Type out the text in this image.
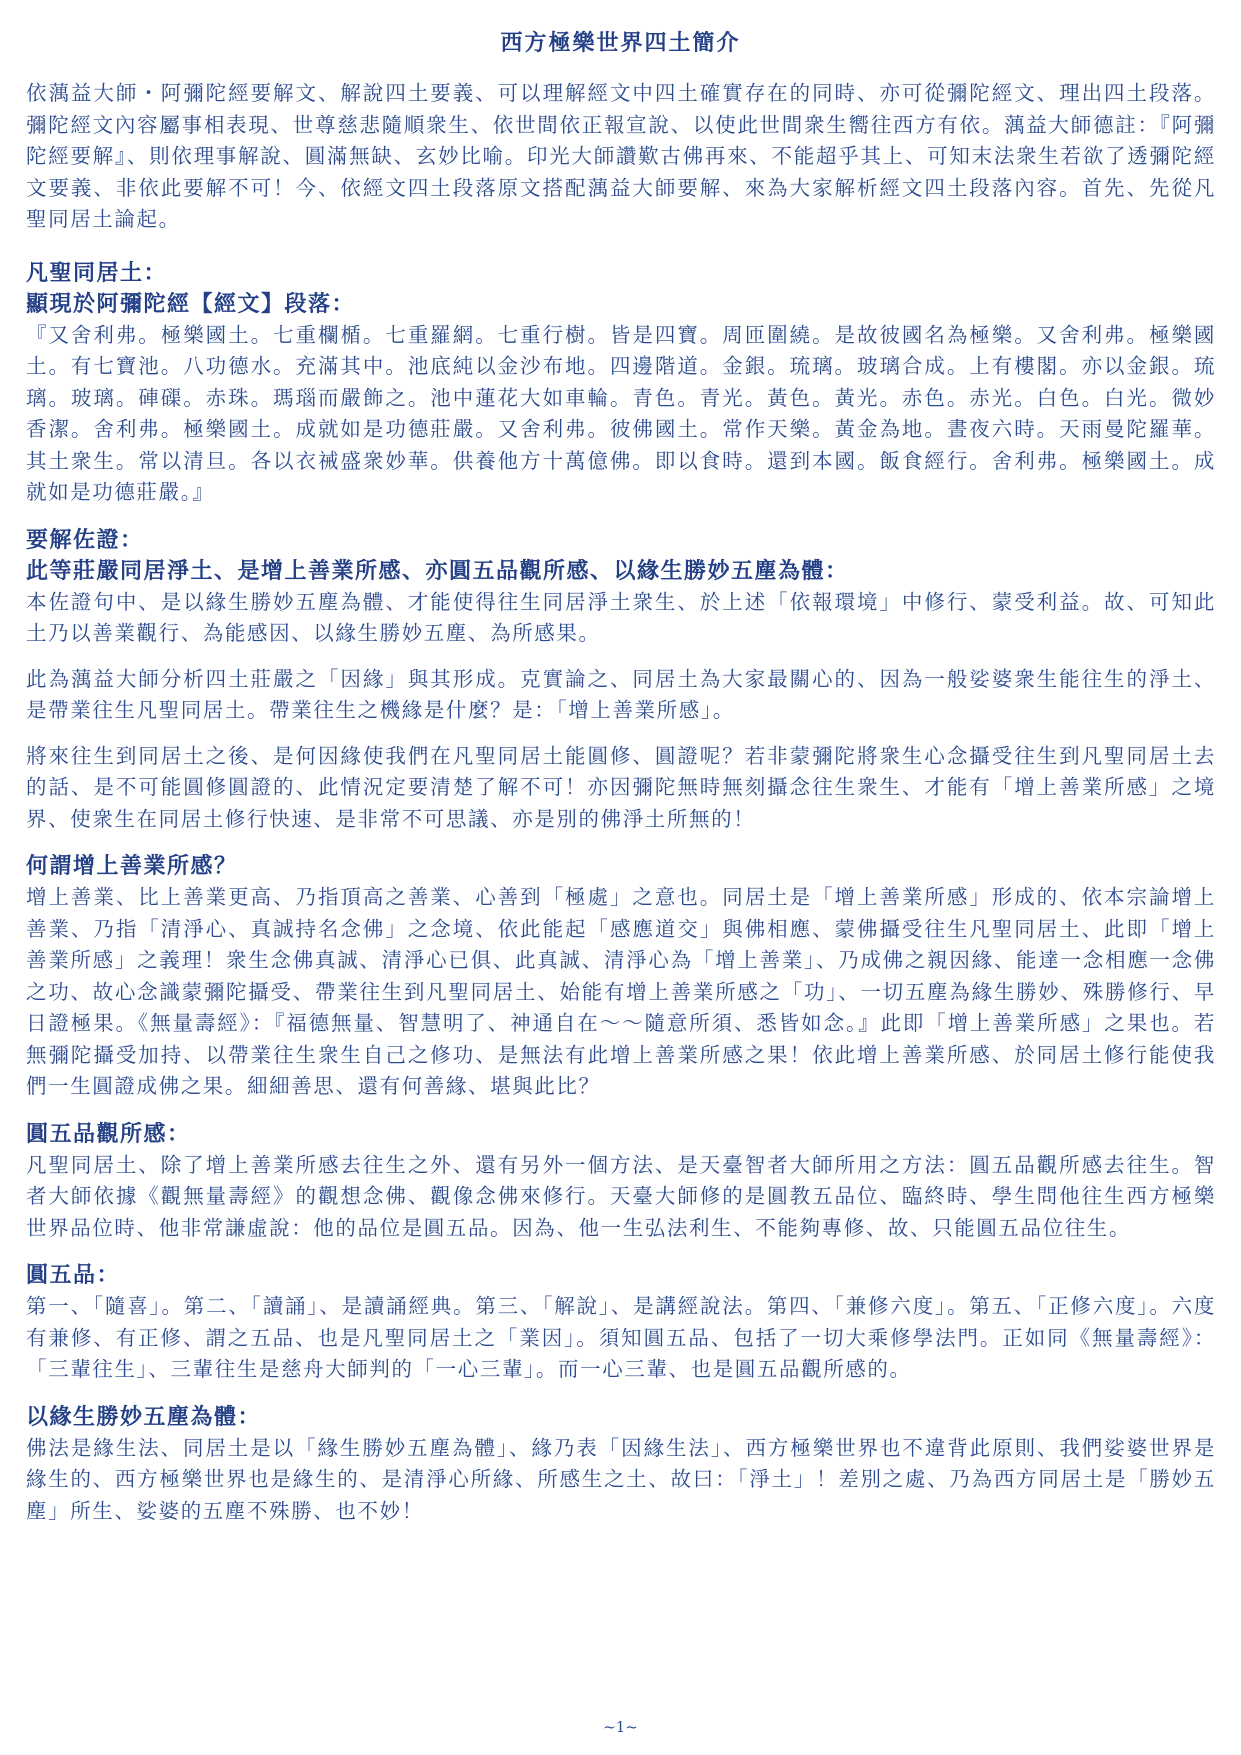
西方極樂世界四土簡介

依蕅益大師・阿彌陀經要解文、解說四土要義、可以理解經文中四土確實存在的同時、亦可從彌陀經文、理出四土段落。彌陀經文內容屬事相表現、世尊慈悲隨順衆生、依世間依正報宣說、以使此世間衆生嚮往西方有依。蕅益大師德註：『阿彌陀經要解』、則依理事解說、圓滿無缺、玄妙比喻。印光大師讚歎古佛再來、不能超乎其上、可知末法衆生若欲了透彌陀經文要義、非依此要解不可！今、依經文四土段落原文搭配蕅益大師要解、來為大家解析經文四土段落內容。首先、先從凡聖同居土論起。

凡聖同居土：

顯現於阿彌陀經【經文】段落：

『又舍利弗。極樂國土。七重欄楯。七重羅網。七重行樹。皆是四寶。周匝圍繞。是故彼國名為極樂。又舍利弗。極樂國土。有七寶池。八功德水。充滿其中。池底純以金沙布地。四邊階道。金銀。琉璃。玻璃合成。上有樓閣。亦以金銀。琉璃。玻璃。硨磲。赤珠。瑪瑙而嚴飾之。池中蓮花大如車輪。青色。青光。黃色。黃光。赤色。赤光。白色。白光。微妙香潔。舍利弗。極樂國土。成就如是功德莊嚴。又舍利弗。彼佛國土。常作天樂。黃金為地。晝夜六時。天雨曼陀羅華。其土衆生。常以清旦。各以衣祴盛衆妙華。供養他方十萬億佛。即以食時。還到本國。飯食經行。舍利弗。極樂國土。成就如是功德莊嚴。』

要解佐證：

此等莊嚴同居淨土、是增上善業所感、亦圓五品觀所感、以緣生勝妙五塵為體：

本佐證句中、是以緣生勝妙五塵為體、才能使得往生同居淨土衆生、於上述「依報環境」中修行、蒙受利益。故、可知此土乃以善業觀行、為能感因、以緣生勝妙五塵、為所感果。

此為蕅益大師分析四土莊嚴之「因緣」與其形成。克實論之、同居土為大家最關心的、因為一般娑婆衆生能往生的淨土、是帶業往生凡聖同居土。帶業往生之機緣是什麼？是：「增上善業所感」。

將來往生到同居土之後、是何因緣使我們在凡聖同居土能圓修、圓證呢？若非蒙彌陀將衆生心念攝受往生到凡聖同居土去的話、是不可能圓修圓證的、此情況定要清楚了解不可！亦因彌陀無時無刻攝念往生衆生、才能有「增上善業所感」之境界、使衆生在同居土修行快速、是非常不可思議、亦是別的佛淨土所無的！

何謂增上善業所感？

增上善業、比上善業更高、乃指頂高之善業、心善到「極處」之意也。同居土是「增上善業所感」形成的、依本宗論增上善業、乃指「清淨心、真誠持名念佛」之念境、依此能起「感應道交」與佛相應、蒙佛攝受往生凡聖同居土、此即「增上善業所感」之義理！衆生念佛真誠、清淨心已俱、此真誠、清淨心為「增上善業」、乃成佛之親因緣、能達一念相應一念佛之功、故心念識蒙彌陀攝受、帶業往生到凡聖同居土、始能有增上善業所感之「功」、一切五塵為緣生勝妙、殊勝修行、早日證極果。《無量壽經》：『福德無量、智慧明了、神通自在～～隨意所須、悉皆如念。』此即「增上善業所感」之果也。若無彌陀攝受加持、以帶業往生衆生自己之修功、是無法有此增上善業所感之果！依此增上善業所感、於同居土修行能使我們一生圓證成佛之果。細細善思、還有何善緣、堪與此比？

圓五品觀所感：

凡聖同居土、除了增上善業所感去往生之外、還有另外一個方法、是天臺智者大師所用之方法：圓五品觀所感去往生。智者大師依據《觀無量壽經》的觀想念佛、觀像念佛來修行。天臺大師修的是圓教五品位、臨終時、學生問他往生西方極樂世界品位時、他非常謙虛說：他的品位是圓五品。因為、他一生弘法利生、不能夠專修、故、只能圓五品位往生。

圓五品：

第一、「隨喜」。第二、「讀誦」、是讀誦經典。第三、「解說」、是講經說法。第四、「兼修六度」。第五、「正修六度」。六度有兼修、有正修、謂之五品、也是凡聖同居土之「業因」。須知圓五品、包括了一切大乘修學法門。正如同《無量壽經》：「三輩往生」、三輩往生是慈舟大師判的「一心三輩」。而一心三輩、也是圓五品觀所感的。

以緣生勝妙五塵為體：

佛法是緣生法、同居土是以「緣生勝妙五塵為體」、緣乃表「因緣生法」、西方極樂世界也不違背此原則、我們娑婆世界是緣生的、西方極樂世界也是緣生的、是清淨心所緣、所感生之土、故曰：「淨土」！差別之處、乃為西方同居土是「勝妙五塵」所生、娑婆的五塵不殊勝、也不妙！

~1~
